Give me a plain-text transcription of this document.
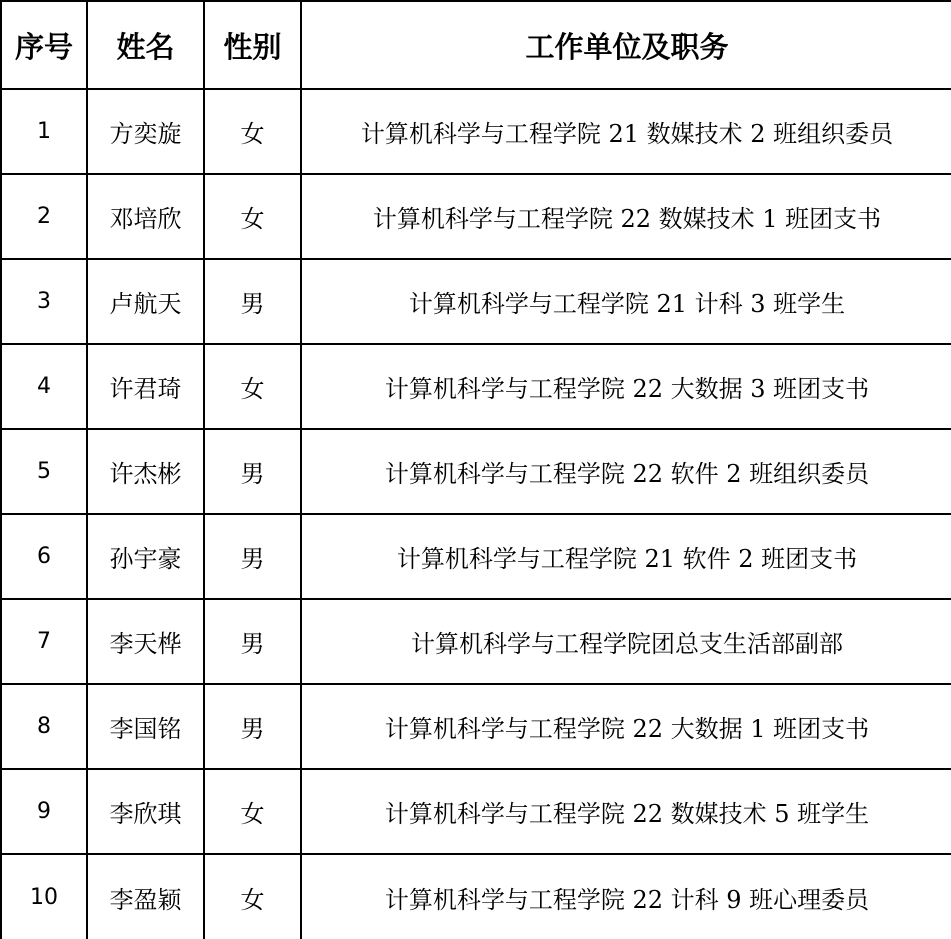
序号	姓名	性别	工作单位及职务
1	方奕旋	女	计算机科学与工程学院 21 数媒技术 2 班组织委员
2	邓培欣	女	计算机科学与工程学院 22 数媒技术 1 班团支书
3	卢航天	男	计算机科学与工程学院 21 计科 3 班学生
4	许君琦	女	计算机科学与工程学院 22 大数据 3 班团支书
5	许杰彬	男	计算机科学与工程学院 22 软件 2 班组织委员
6	孙宇豪	男	计算机科学与工程学院 21 软件 2 班团支书
7	李天桦	男	计算机科学与工程学院团总支生活部副部
8	李国铭	男	计算机科学与工程学院 22 大数据 1 班团支书
9	李欣琪	女	计算机科学与工程学院 22 数媒技术 5 班学生
10	李盈颖	女	计算机科学与工程学院 22 计科 9 班心理委员
